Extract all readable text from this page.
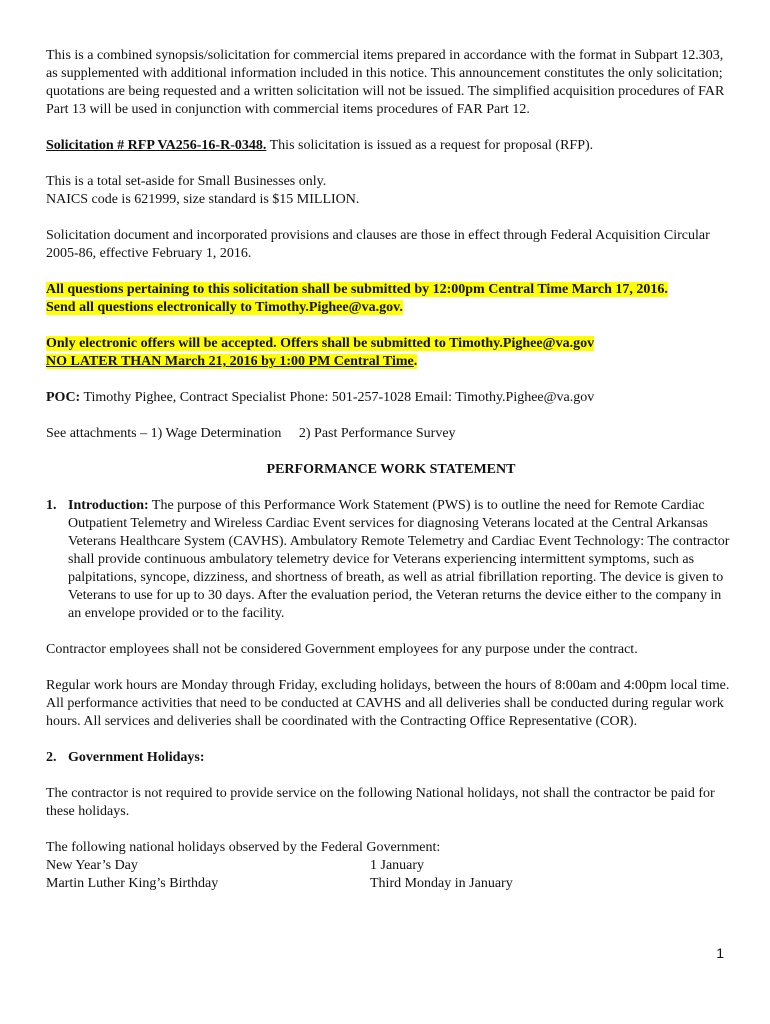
This is a combined synopsis/solicitation for commercial items prepared in accordance with the format in Subpart 12.303, as supplemented with additional information included in this notice. This announcement constitutes the only solicitation; quotations are being requested and a written solicitation will not be issued. The simplified acquisition procedures of FAR Part 13 will be used in conjunction with commercial items procedures of FAR Part 12.

Solicitation # RFP VA256-16-R-0348. This solicitation is issued as a request for proposal (RFP).

This is a total set-aside for Small Businesses only.

NAICS code is 621999, size standard is $15 MILLION.

Solicitation document and incorporated provisions and clauses are those in effect through Federal Acquisition Circular 2005-86, effective February 1, 2016.

All questions pertaining to this solicitation shall be submitted by 12:00pm Central Time March 17, 2016.

Send all questions electronically to Timothy.Pighee@va.gov.

Only electronic offers will be accepted. Offers shall be submitted to Timothy.Pighee@va.gov

NO LATER THAN March 21, 2016 by 1:00 PM Central Time.

POC: Timothy Pighee, Contract Specialist Phone: 501-257-1028 Email: Timothy.Pighee@va.gov

See attachments – 1) Wage Determination     2) Past Performance Survey

PERFORMANCE WORK STATEMENT

1. Introduction: The purpose of this Performance Work Statement (PWS) is to outline the need for Remote Cardiac Outpatient Telemetry and Wireless Cardiac Event services for diagnosing Veterans located at the Central Arkansas Veterans Healthcare System (CAVHS). Ambulatory Remote Telemetry and Cardiac Event Technology: The contractor shall provide continuous ambulatory telemetry device for Veterans experiencing intermittent symptoms, such as palpitations, syncope, dizziness, and shortness of breath, as well as atrial fibrillation reporting. The device is given to Veterans to use for up to 30 days. After the evaluation period, the Veteran returns the device either to the company in an envelope provided or to the facility.

Contractor employees shall not be considered Government employees for any purpose under the contract.

Regular work hours are Monday through Friday, excluding holidays, between the hours of 8:00am and 4:00pm local time. All performance activities that need to be conducted at CAVHS and all deliveries shall be conducted during regular work hours. All services and deliveries shall be coordinated with the Contracting Office Representative (COR).

2. Government Holidays:

The contractor is not required to provide service on the following National holidays, not shall the contractor be paid for these holidays.

The following national holidays observed by the Federal Government:

New Year’s Day	1 January
Martin Luther King’s Birthday	Third Monday in January
1
